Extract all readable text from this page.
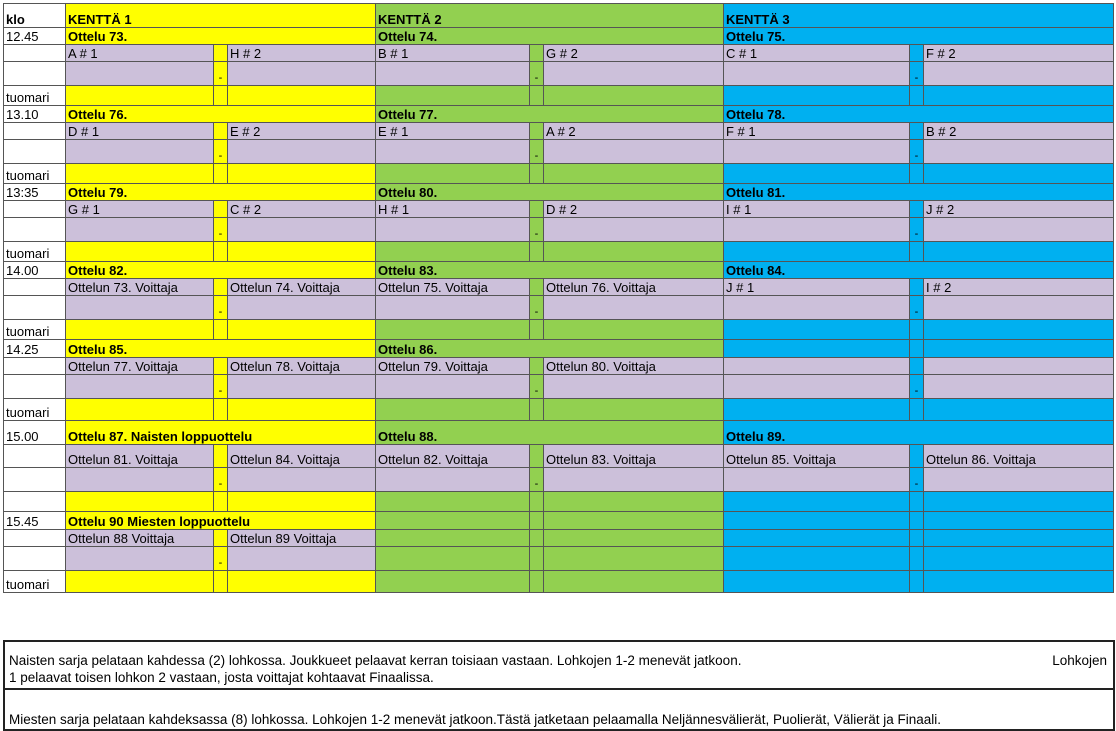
klo	KENTTÄ 1			KENTTÄ 2			KENTTÄ 3		
12.45	Ottelu 73.			Ottelu 74.			Ottelu 75.		
	A # 1		H # 2	B # 1		G # 2	C # 1		F # 2
		-			-			-	
tuomari									
13.10	Ottelu 76.			Ottelu 77.			Ottelu 78.		
	D # 1		E # 2	E # 1		A # 2	F # 1		B # 2
		-			-			-	
tuomari									
13:35	Ottelu 79.			Ottelu 80.			Ottelu 81.		
	G # 1		C # 2	H # 1		D # 2	I # 1		J # 2
		-			-			-	
tuomari									
14.00	Ottelu 82.			Ottelu 83.			Ottelu 84.		
	Ottelun 73. Voittaja		Ottelun 74. Voittaja	Ottelun 75. Voittaja		Ottelun 76. Voittaja	J # 1		I # 2
		-			-			-	
tuomari									
14.25	Ottelu 85.			Ottelu 86.					
	Ottelun 77. Voittaja		Ottelun 78. Voittaja	Ottelun 79. Voittaja		Ottelun 80. Voittaja			
		-			-			-	
tuomari									
15.00	Ottelu 87. Naisten loppuottelu			Ottelu 88.			Ottelu 89.		
	Ottelun 81. Voittaja		Ottelun 84. Voittaja	Ottelun 82. Voittaja		Ottelun 83. Voittaja	Ottelun 85. Voittaja		Ottelun 86. Voittaja
		-			-			-	

15.45	Ottelu 90 Miesten loppuottelu								
	Ottelun 88 Voittaja		Ottelun 89 Voittaja						
		-							
tuomari									
Naisten sarja pelataan kahdessa (2) lohkossa. Joukkueet pelaavat kerran toisiaan vastaan. Lohkojen 1-2 menevät jatkoon.
1 pelaavat toisen lohkon 2 vastaan, josta voittajat kohtaavat Finaalissa.
Lohkojen
Miesten sarja pelataan kahdeksassa (8) lohkossa. Lohkojen 1-2 menevät jatkoon.Tästä jatketaan pelaamalla Neljännesvälierät, Puolierät, Välierät ja Finaali.
